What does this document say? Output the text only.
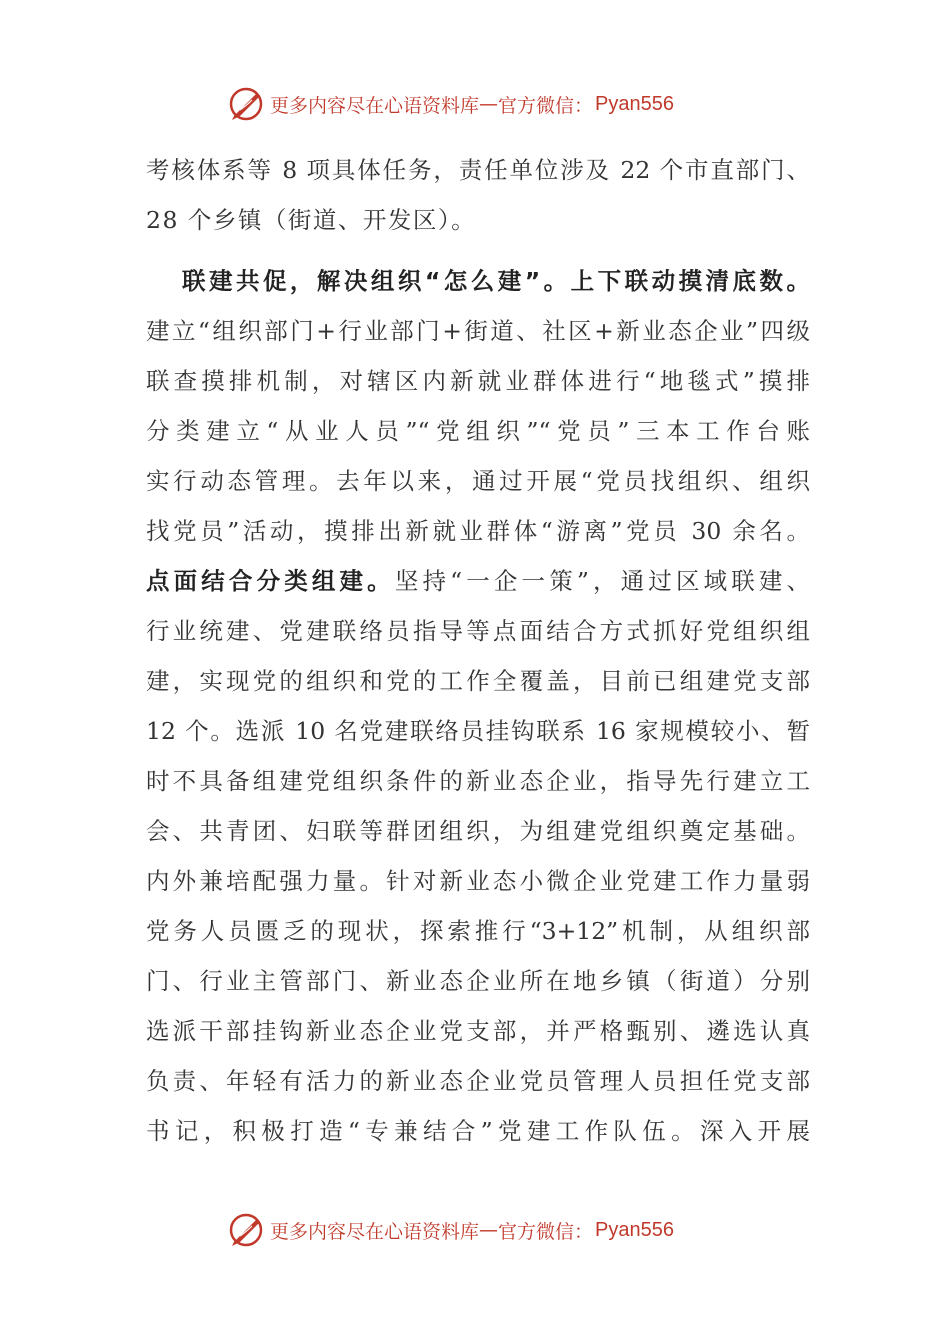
更多内容尽在心语资料库 — 官方微信： Pyan556
考核体系等 8 项具体任务，责任单位涉及 22 个市直部门、
28 个乡镇（街道、开发区）。
联建共促，解决组织“怎么建”。上下联动摸清底数。
建立“组织部门+行业部门+街道、社区+新业态企业”四级
联查摸排机制，对辖区内新就业群体进行“地毯式”摸排
分类建立“从业人员”“党组织”“党员”三本工作台账
实行动态管理。去年以来，通过开展“党员找组织、组织
找党员”活动，摸排出新就业群体“游离”党员 30 余名。
点面结合分类组建。坚持“一企一策”，通过区域联建、
行业统建、党建联络员指导等点面结合方式抓好党组织组
建，实现党的组织和党的工作全覆盖，目前已组建党支部
12 个。选派 10 名党建联络员挂钩联系 16 家规模较小、暂
时不具备组建党组织条件的新业态企业，指导先行建立工
会、共青团、妇联等群团组织，为组建党组织奠定基础。
内外兼培配强力量。针对新业态小微企业党建工作力量弱
党务人员匮乏的现状，探索推行“3+12”机制，从组织部
门、行业主管部门、新业态企业所在地乡镇（街道）分别
选派干部挂钩新业态企业党支部，并严格甄别、遴选认真
负责、年轻有活力的新业态企业党员管理人员担任党支部
书记，积极打造“专兼结合”党建工作队伍。深入开展
更多内容尽在心语资料库 — 官方微信： Pyan556
